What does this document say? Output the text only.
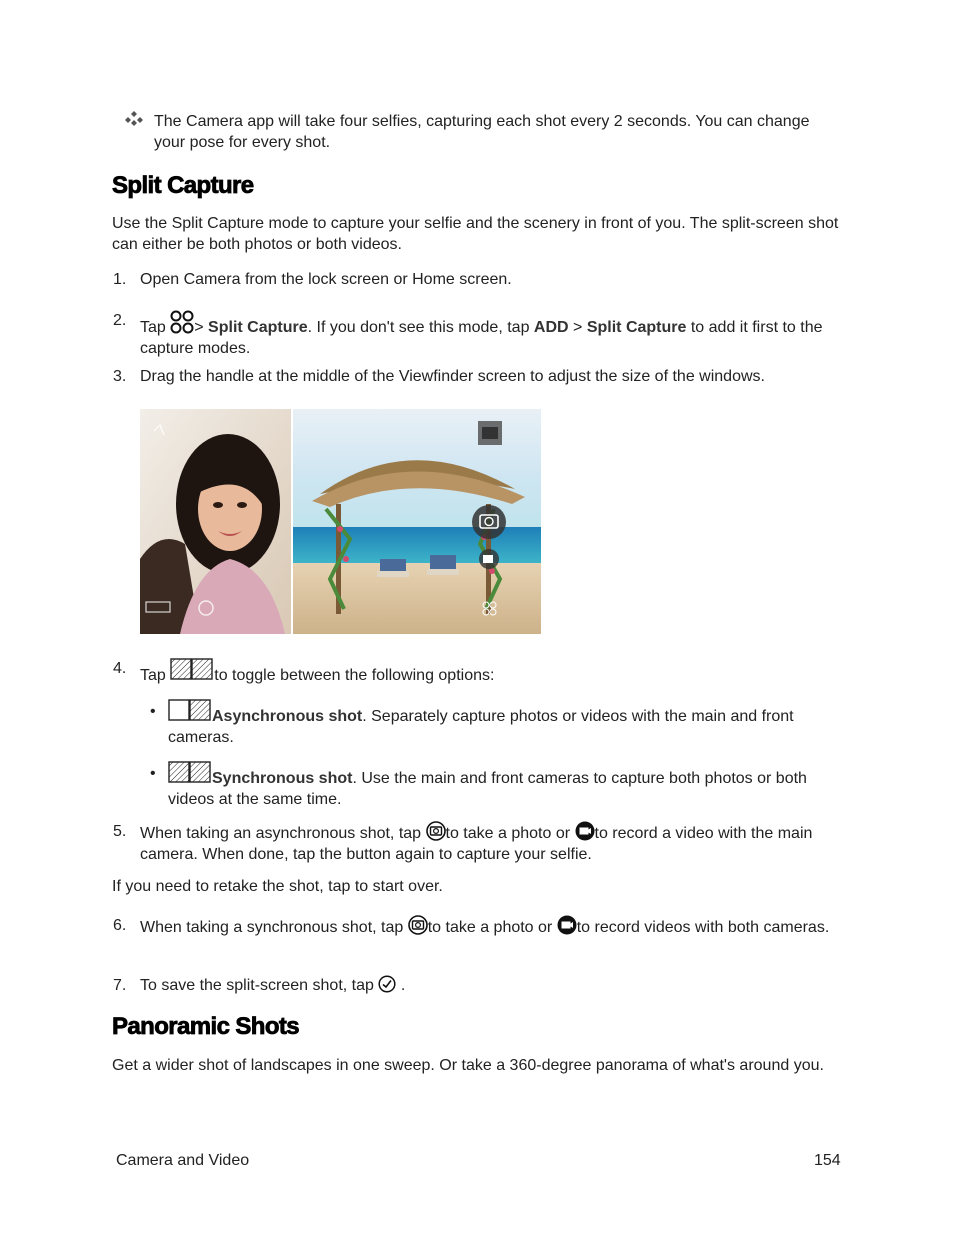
The Camera app will take four selfies, capturing each shot every 2 seconds. You can change your pose for every shot.
Split Capture
Use the Split Capture mode to capture your selfie and the scenery in front of you. The split-screen shot can either be both photos or both videos.
1. Open Camera from the lock screen or Home screen.
2. Tap > Split Capture. If you don't see this mode, tap ADD > Split Capture to add it first to the capture modes.
3. Drag the handle at the middle of the Viewfinder screen to adjust the size of the windows.
4. Tap	to toggle between the following options:
•	Asynchronous shot. Separately capture photos or videos with the main and front cameras.
•	Synchronous shot. Use the main and front cameras to capture both photos or both videos at the same time.
5. When taking an asynchronous shot, tap to take a photo or to record a video with the main camera. When done, tap the button again to capture your selfie.
If you need to retake the shot, tap to start over.
6. When taking a synchronous shot, tap to take a photo or to record videos with both cameras.
7. To save the split-screen shot, tap .
Panoramic Shots
Get a wider shot of landscapes in one sweep. Or take a 360-degree panorama of what's around you.
Camera and Video	154
